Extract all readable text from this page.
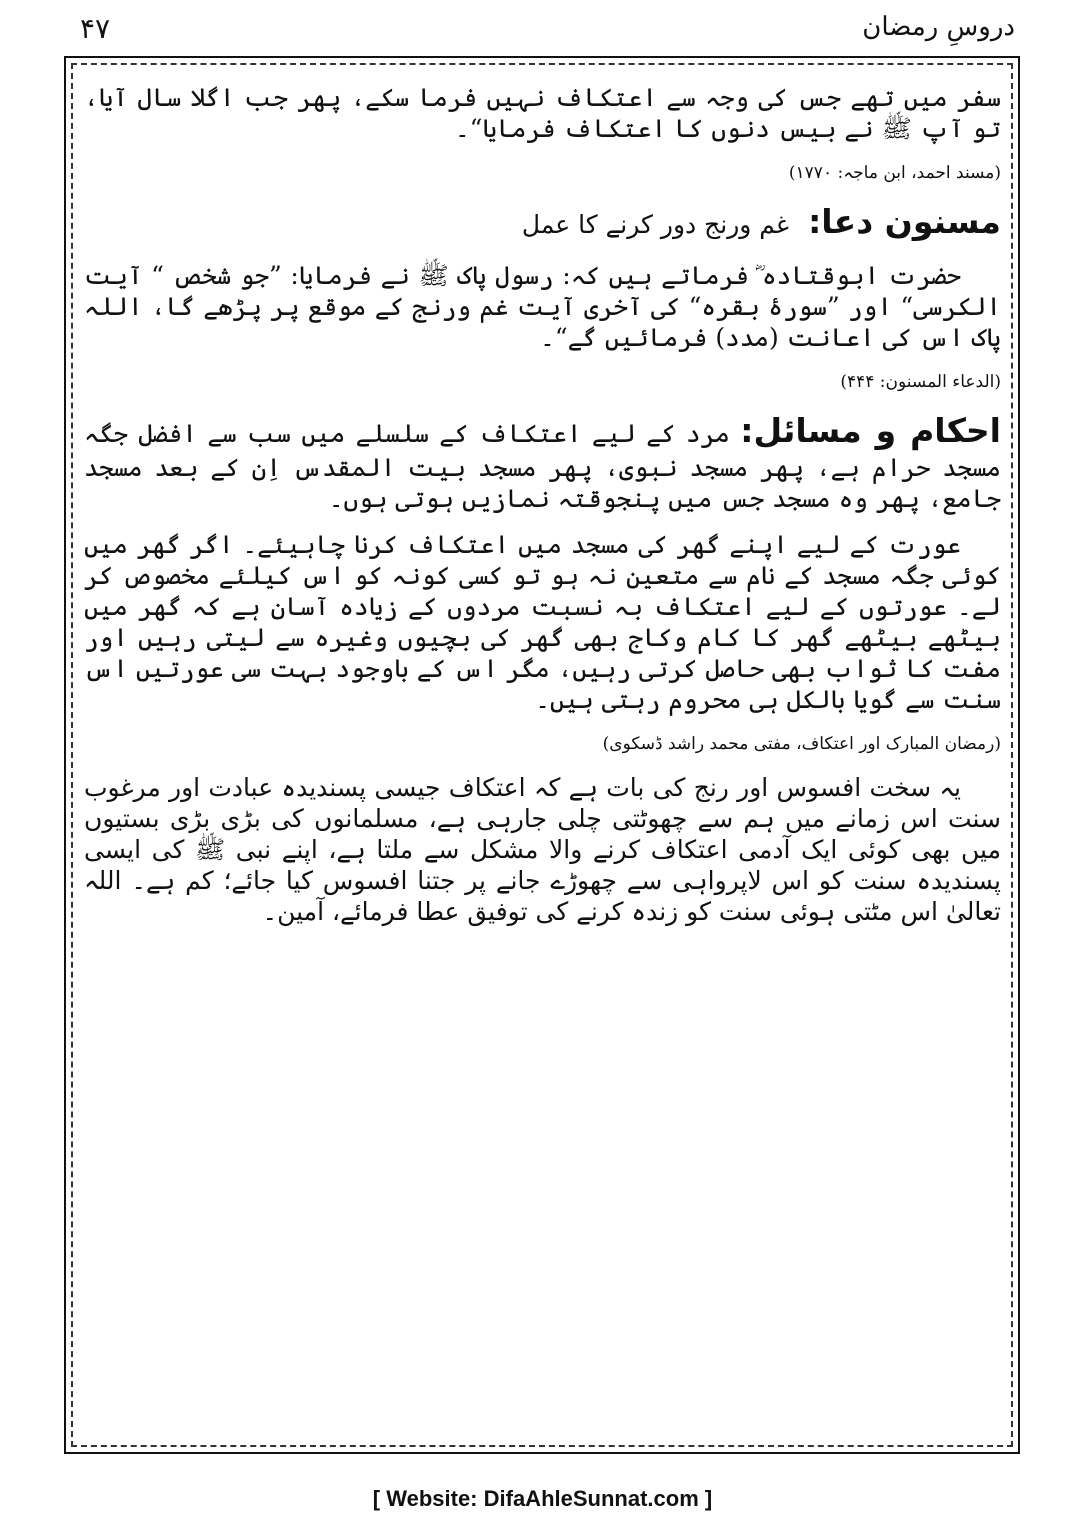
۴۷	دروسِ رمضان

سفر میں تھے جس کی وجہ سے اعتکاف نہیں فرما سکے، پھر جب اگلا سال آیا، تو آپ ﷺ نے بیس دنوں کا اعتکاف فرمایا“۔

(مسند احمد، ابن ماجہ: ۱۷۷۰)

مسنون دعا: غم ورنج دور کرنے کا عمل

حضرت ابوقتادہ ؓ فرماتے ہیں کہ: رسول پاک ﷺ نے فرمایا: ”جو شخص “ آیت الکرسی“ اور ”سورۂ بقرہ“ کی آخری آیت غم ورنج کے موقع پر پڑھے گا، اللہ پاک اس کی اعانت (مدد) فرمائیں گے“۔

(الدعاء المسنون: ۴۴۴)

احکام و مسائل: مرد کے لیے اعتکاف کے سلسلے میں سب سے افضل جگہ مسجد حرام ہے، پھر مسجد نبوی، پھر مسجد بیت المقدس اِن کے بعد مسجد جامع، پھر وہ مسجد جس میں پنجوقتہ نمازیں ہوتی ہوں۔

عورت کے لیے اپنے گھر کی مسجد میں اعتکاف کرنا چاہیئے۔ اگر گھر میں کوئی جگہ مسجد کے نام سے متعین نہ ہو تو کسی کونہ کو اس کیلئے مخصوص کر لے۔ عورتوں کے لیے اعتکاف بہ نسبت مردوں کے زیادہ آسان ہے کہ گھر میں بیٹھے بیٹھے گھر کا کام وکاج بھی گھر کی بچیوں وغیرہ سے لیتی رہیں اور مفت کا ثواب بھی حاصل کرتی رہیں، مگر اس کے باوجود بہت سی عورتیں اس سنت سے گویا بالکل ہی محروم رہتی ہیں۔

(رمضان المبارک اور اعتکاف، مفتی محمد راشد ڈسکوی)

یہ سخت افسوس اور رنج کی بات ہے کہ اعتکاف جیسی پسندیدہ عبادت اور مرغوب سنت اس زمانے میں ہم سے چھوٹتی چلی جارہی ہے، مسلمانوں کی بڑی بڑی بستیوں میں بھی کوئی ایک آدمی اعتکاف کرنے والا مشکل سے ملتا ہے، اپنے نبی ﷺ کی ایسی پسندیدہ سنت کو اس لاپرواہی سے چھوڑے جانے پر جتنا افسوس کیا جائے؛ کم ہے۔ اللہ تعالیٰ اس مٹتی ہوئی سنت کو زندہ کرنے کی توفیق عطا فرمائے، آمین۔

[ Website: DifaAhleSunnat.com ]
